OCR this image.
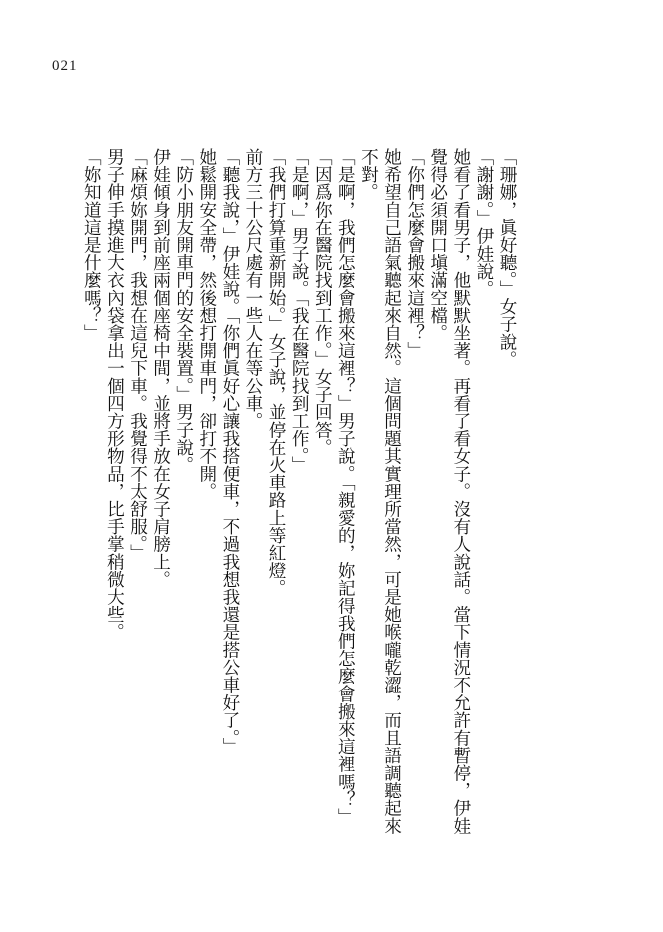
021

「珊娜，眞好聽。」女子說。

「謝謝。」伊娃說。

她看了看男子，他默默坐著。再看了看女子。沒有人說話。當下情況不允許有暫停，伊娃覺得必須開口塡滿空檔。

「你們怎麼會搬來這裡？」

她希望自己語氣聽起來自然。這個問題其實理所當然，可是她喉嚨乾澀，而且語調聽起來不對。

「是啊，我們怎麼會搬來這裡？」男子說。「親愛的，妳記得我們怎麼會搬來這裡嗎？」

「因爲你在醫院找到工作。」女子回答。

「是啊，」男子說。「我在醫院找到工作。」

「我們打算重新開始。」女子說，並停在火車路上等紅燈。

前方三十公尺處有一些人在等公車。

「聽我說，」伊娃說。「你們眞好心讓我搭便車，不過我想我還是搭公車好了。」

她鬆開安全帶，然後想打開車門，卻打不開。

「防小朋友開車門的安全裝置。」男子說。

伊娃傾身到前座兩個座椅中間，並將手放在女子肩膀上。

「麻煩妳開門，我想在這兒下車。我覺得不太舒服。」

男子伸手摸進大衣內袋拿出一個四方形物品，比手掌稍微大些。

「妳知道這是什麼嗎？」
